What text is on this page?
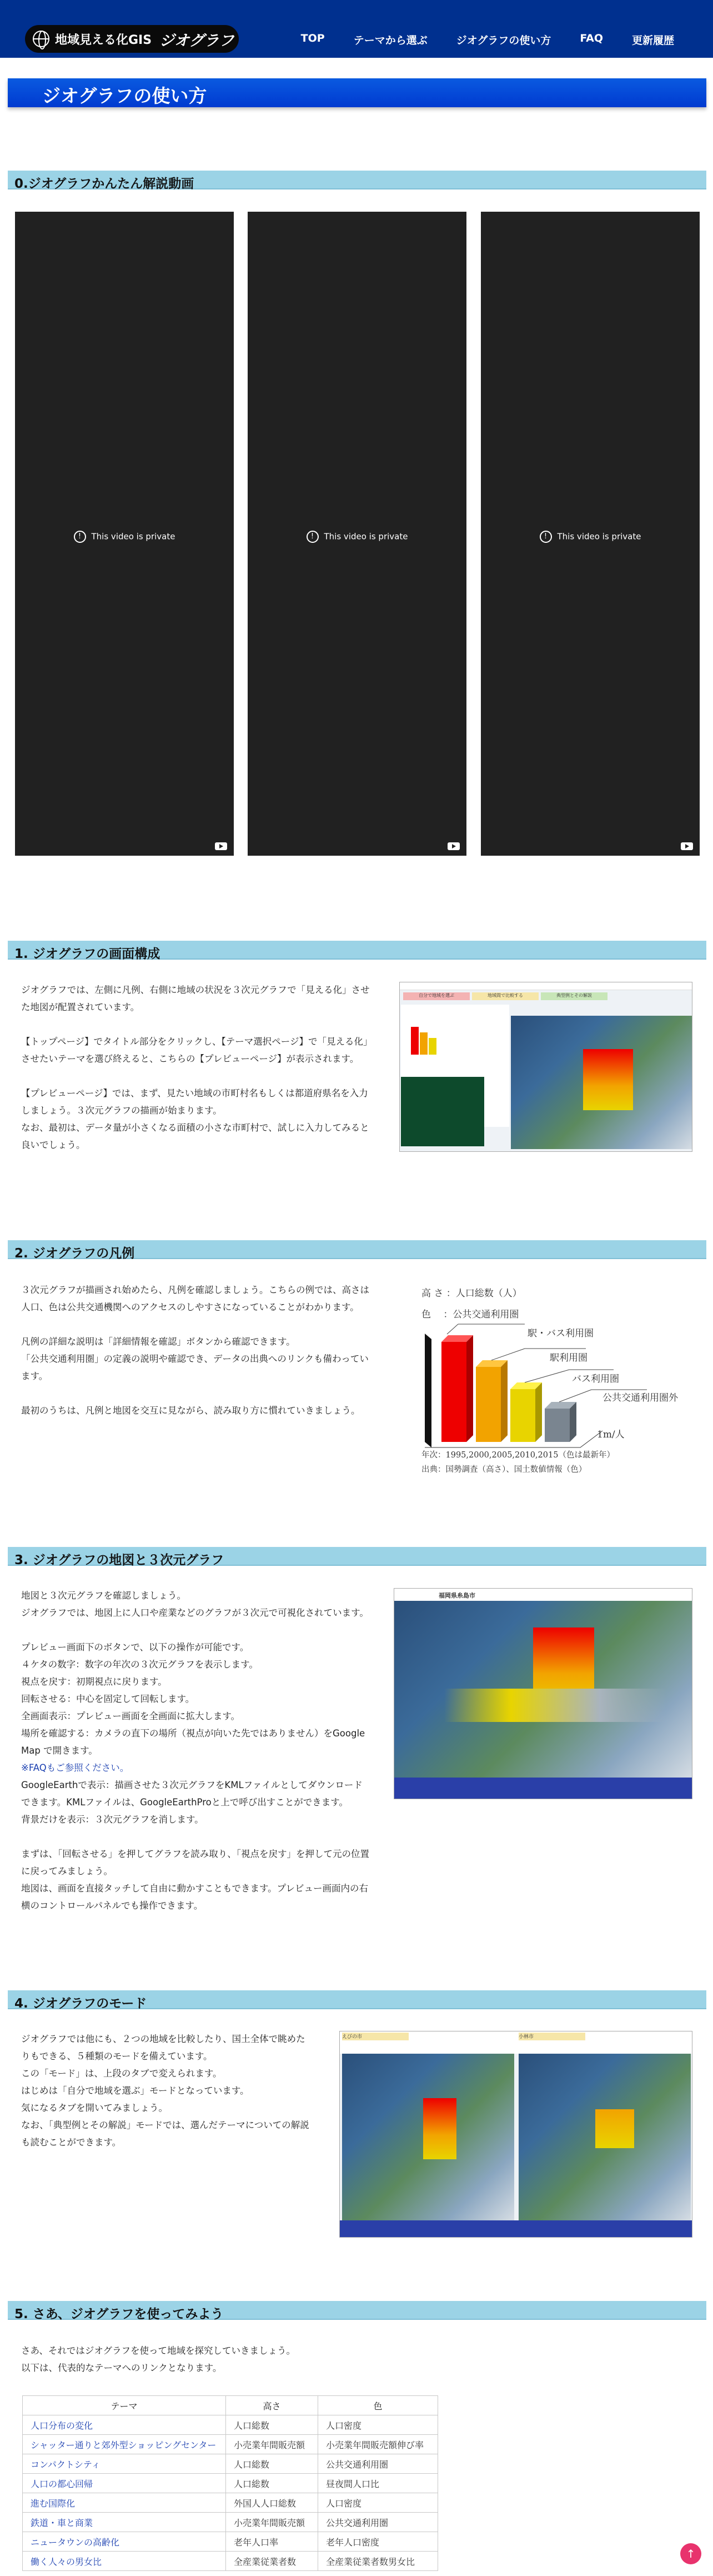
地域見える化GIS ジオグラフ	TOP	テーマから選ぶ	ジオグラフの使い方	FAQ	更新履歴
ジオグラフの使い方
0.ジオグラフかんたん解説動画
! This video is private	! This video is private	! This video is private
1. ジオグラフの画面構成

ジオグラフでは、左側に凡例、右側に地域の状況を３次元グラフで「見える化」させた地図が配置されています。

【トップページ】でタイトル部分をクリックし、【テーマ選択ページ】で「見える化」させたいテーマを選び終えると、こちらの【プレビューページ】が表示されます。

【プレビューページ】では、まず、見たい地域の市町村名もしくは都道府県名を入力しましょう。３次元グラフの描画が始まります。

なお、最初は、データ量が小さくなる面積の小さな市町村で、試しに入力してみると良いでしょう。

自分で地域を選ぶ	地域間で比較する	典型例とその解説
2. ジオグラフの凡例

３次元グラフが描画され始めたら、凡例を確認しましょう。こちらの例では、高さは人口、色は公共交通機関へのアクセスのしやすさになっていることがわかります。

凡例の詳細な説明は「詳細情報を確認」ボタンから確認できます。

「公共交通利用圏」の定義の説明や確認でき、データの出典へのリンクも備わっています。

最初のうちは、凡例と地図を交互に見ながら、読み取り方に慣れていきましょう。

高 さ ：人口総数（人）
色　 ：公共交通利用圏
駅・バス利用圏
駅利用圏
バス利用圏
公共交通利用圏外
1m/人
年次：1995,2000,2005,2010,2015（色は最新年）
出典：国勢調査（高さ）、国土数値情報（色）
3. ジオグラフの地図と３次元グラフ

地図と３次元グラフを確認しましょう。

ジオグラフでは、地図上に人口や産業などのグラフが３次元で可視化されています。

プレビュー画面下のボタンで、以下の操作が可能です。

４ケタの数字：数字の年次の３次元グラフを表示します。

視点を戻す：初期視点に戻ります。

回転させる：中心を固定して回転します。

全画面表示：プレビュー画面を全画面に拡大します。

場所を確認する：カメラの直下の場所（視点が向いた先ではありません）をGoogle Map で開きます。

※FAQもご参照ください。

GoogleEarthで表示：描画させた３次元グラフをKMLファイルとしてダウンロードできます。KMLファイルは、GoogleEarthProと上で呼び出すことができます。

背景だけを表示：３次元グラフを消します。

まずは、「回転させる」を押してグラフを読み取り、「視点を戻す」を押して元の位置に戻ってみましょう。

地図は、画面を直接タッチして自由に動かすこともできます。プレビュー画面内の右横のコントロールパネルでも操作できます。

福岡県糸島市
4. ジオグラフのモード

ジオグラフでは他にも、２つの地域を比較したり、国土全体で眺めたりもできる、５種類のモードを備えています。

この「モード」は、上段のタブで変えられます。

はじめは「自分で地域を選ぶ」モードとなっています。

気になるタブを開いてみましょう。

なお、「典型例とその解説」モードでは、選んだテーマについての解説も読むことができます。

えびの市	小林市
5. さあ、ジオグラフを使ってみよう

さあ、それではジオグラフを使って地域を探究していきましょう。

以下は、代表的なテーマへのリンクとなります。

テーマ	高さ	色
人口分布の変化	人口総数	人口密度
シャッター通りと郊外型ショッピングセンター	小売業年間販売額	小売業年間販売額伸び率
コンパクトシティ	人口総数	公共交通利用圏
人口の都心回帰	人口総数	昼夜間人口比
進む国際化	外国人人口総数	人口密度
鉄道・車と商業	小売業年間販売額	公共交通利用圏
ニュータウンの高齢化	老年人口率	老年人口密度
働く人々の男女比	全産業従業者数	全産業従業者数男女比
↑
